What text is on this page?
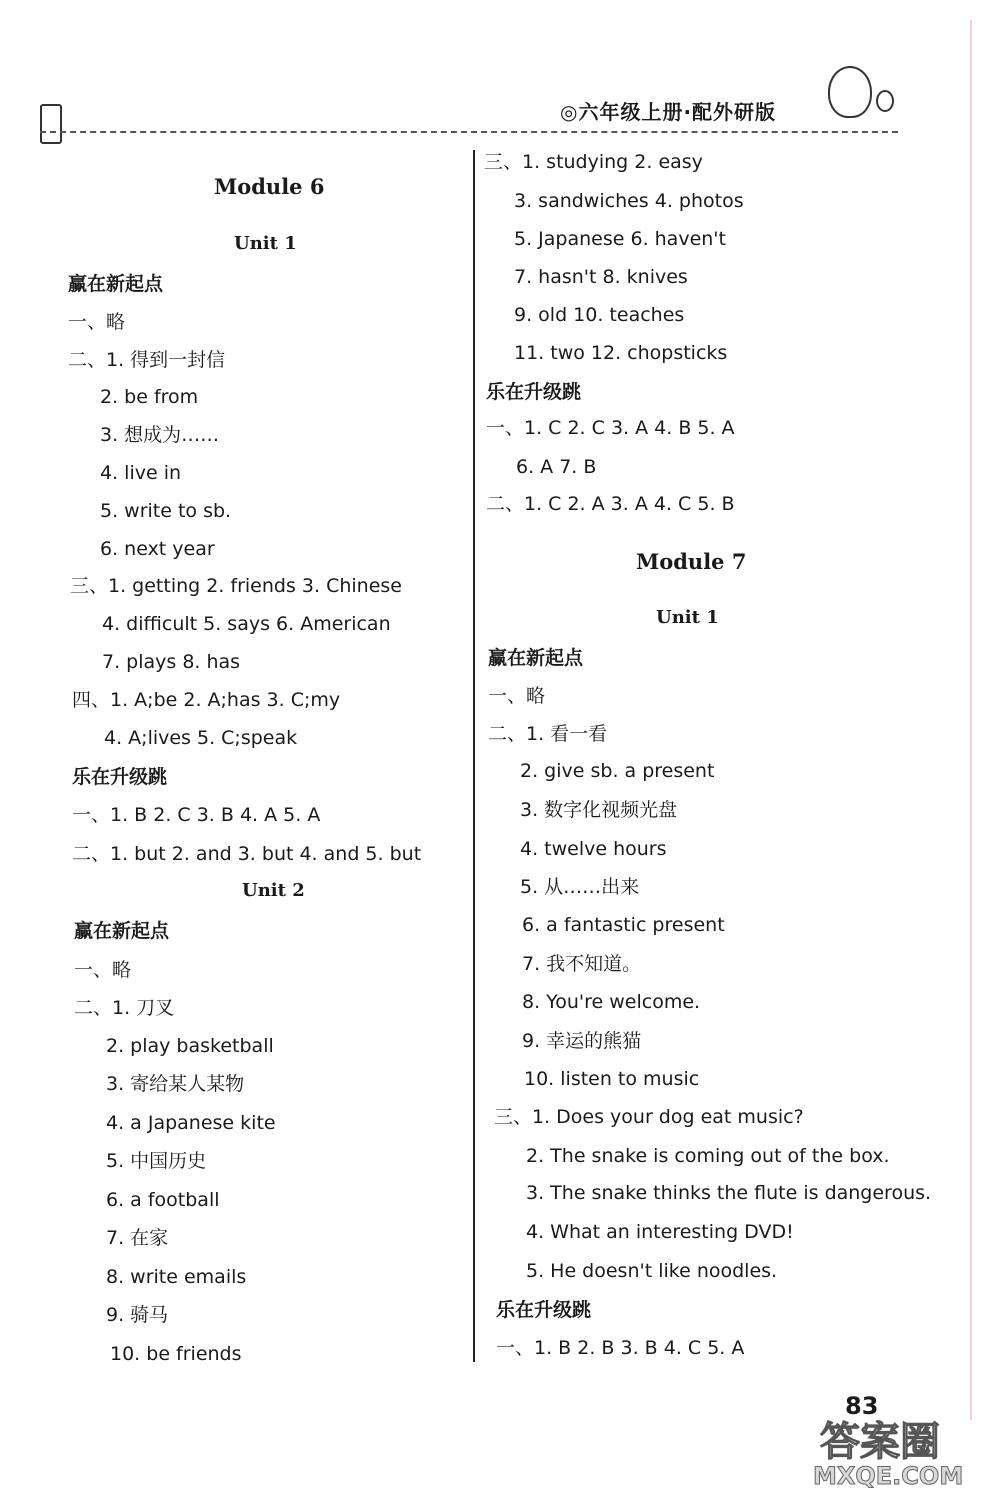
◎六年级上册·配外研版
Module 6
Unit 1
赢在新起点
一、略
二、1. 得到一封信
2. be from
3. 想成为……
4. live in
5. write to sb.
6. next year
三、1. getting 2. friends 3. Chinese
4. difficult 5. says 6. American
7. plays 8. has
四、1. A;be 2. A;has 3. C;my
4. A;lives 5. C;speak
乐在升级跳
一、1. B 2. C 3. B 4. A 5. A
二、1. but 2. and 3. but 4. and 5. but
Unit 2
赢在新起点
一、略
二、1. 刀叉
2. play basketball
3. 寄给某人某物
4. a Japanese kite
5. 中国历史
6. a football
7. 在家
8. write emails
9. 骑马
10. be friends
三、1. studying 2. easy
3. sandwiches 4. photos
5. Japanese 6. haven't
7. hasn't 8. knives
9. old 10. teaches
11. two 12. chopsticks
乐在升级跳
一、1. C 2. C 3. A 4. B 5. A
6. A 7. B
二、1. C 2. A 3. A 4. C 5. B
Module 7
Unit 1
赢在新起点
一、略
二、1. 看一看
2. give sb. a present
3. 数字化视频光盘
4. twelve hours
5. 从……出来
6. a fantastic present
7. 我不知道。
8. You're welcome.
9. 幸运的熊猫
10. listen to music
三、1. Does your dog eat music?
2. The snake is coming out of the box.
3. The snake thinks the flute is dangerous.
4. What an interesting DVD!
5. He doesn't like noodles.
乐在升级跳
一、1. B 2. B 3. B 4. C 5. A
83
答案圈
MXQE.COM
